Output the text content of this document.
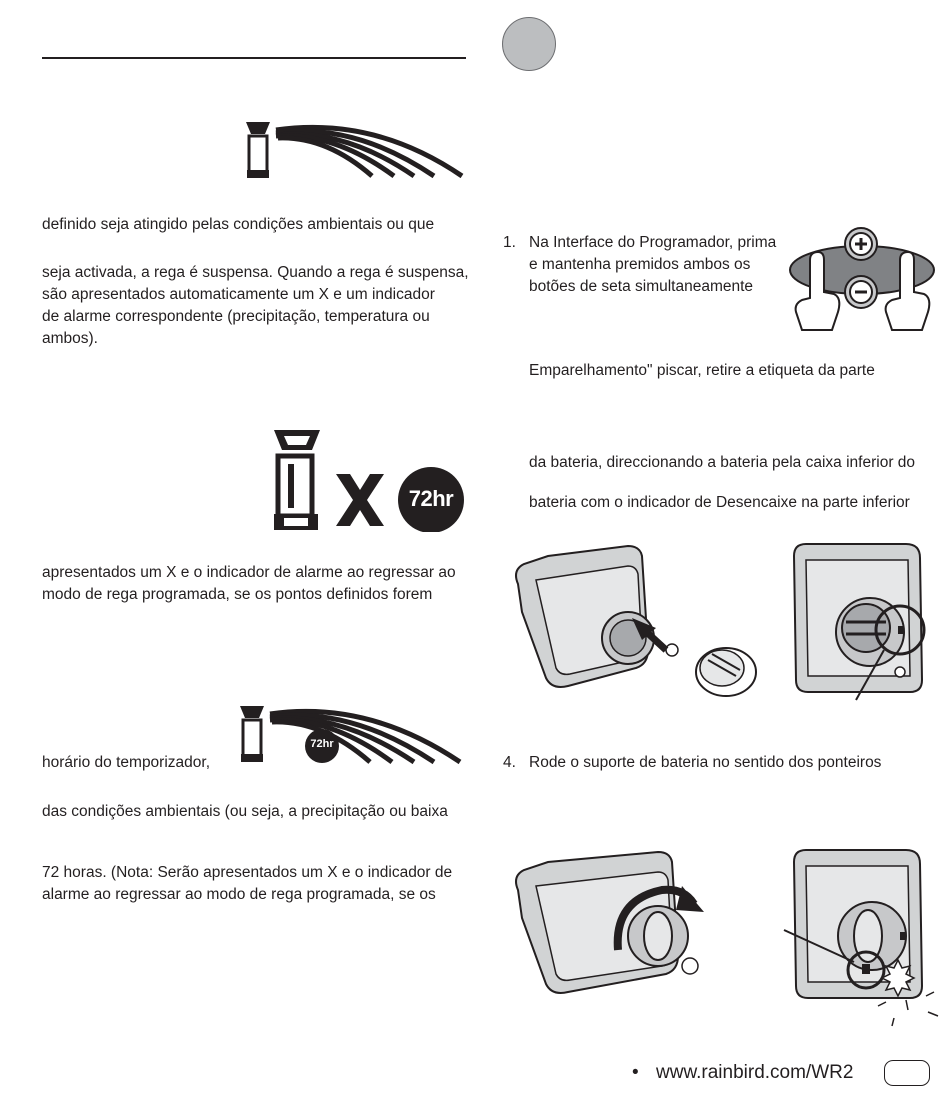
definido seja atingido pelas condições ambientais ou que
seja activada, a rega é suspensa. Quando a rega é suspensa,
são apresentados automaticamente um X e um indicador
de alarme correspondente (precipitação, temperatura ou
ambos).
72hr
apresentados um X e o indicador de alarme ao regressar ao
modo de rega programada, se os pontos definidos forem
72hr
horário do temporizador,
das condições ambientais (ou seja, a precipitação ou baixa
72 horas. (Nota: Serão apresentados um X e o indicador de
alarme ao regressar ao modo de rega programada, se os
1. Na Interface do Programador, prima
e mantenha premidos ambos os
botões de seta simultaneamente
Emparelhamento" piscar, retire a etiqueta da parte
da bateria, direccionando a bateria pela caixa inferior do
bateria com o indicador de Desencaixe na parte inferior
4. Rode o suporte de bateria no sentido dos ponteiros
• www.rainbird.com/WR2
